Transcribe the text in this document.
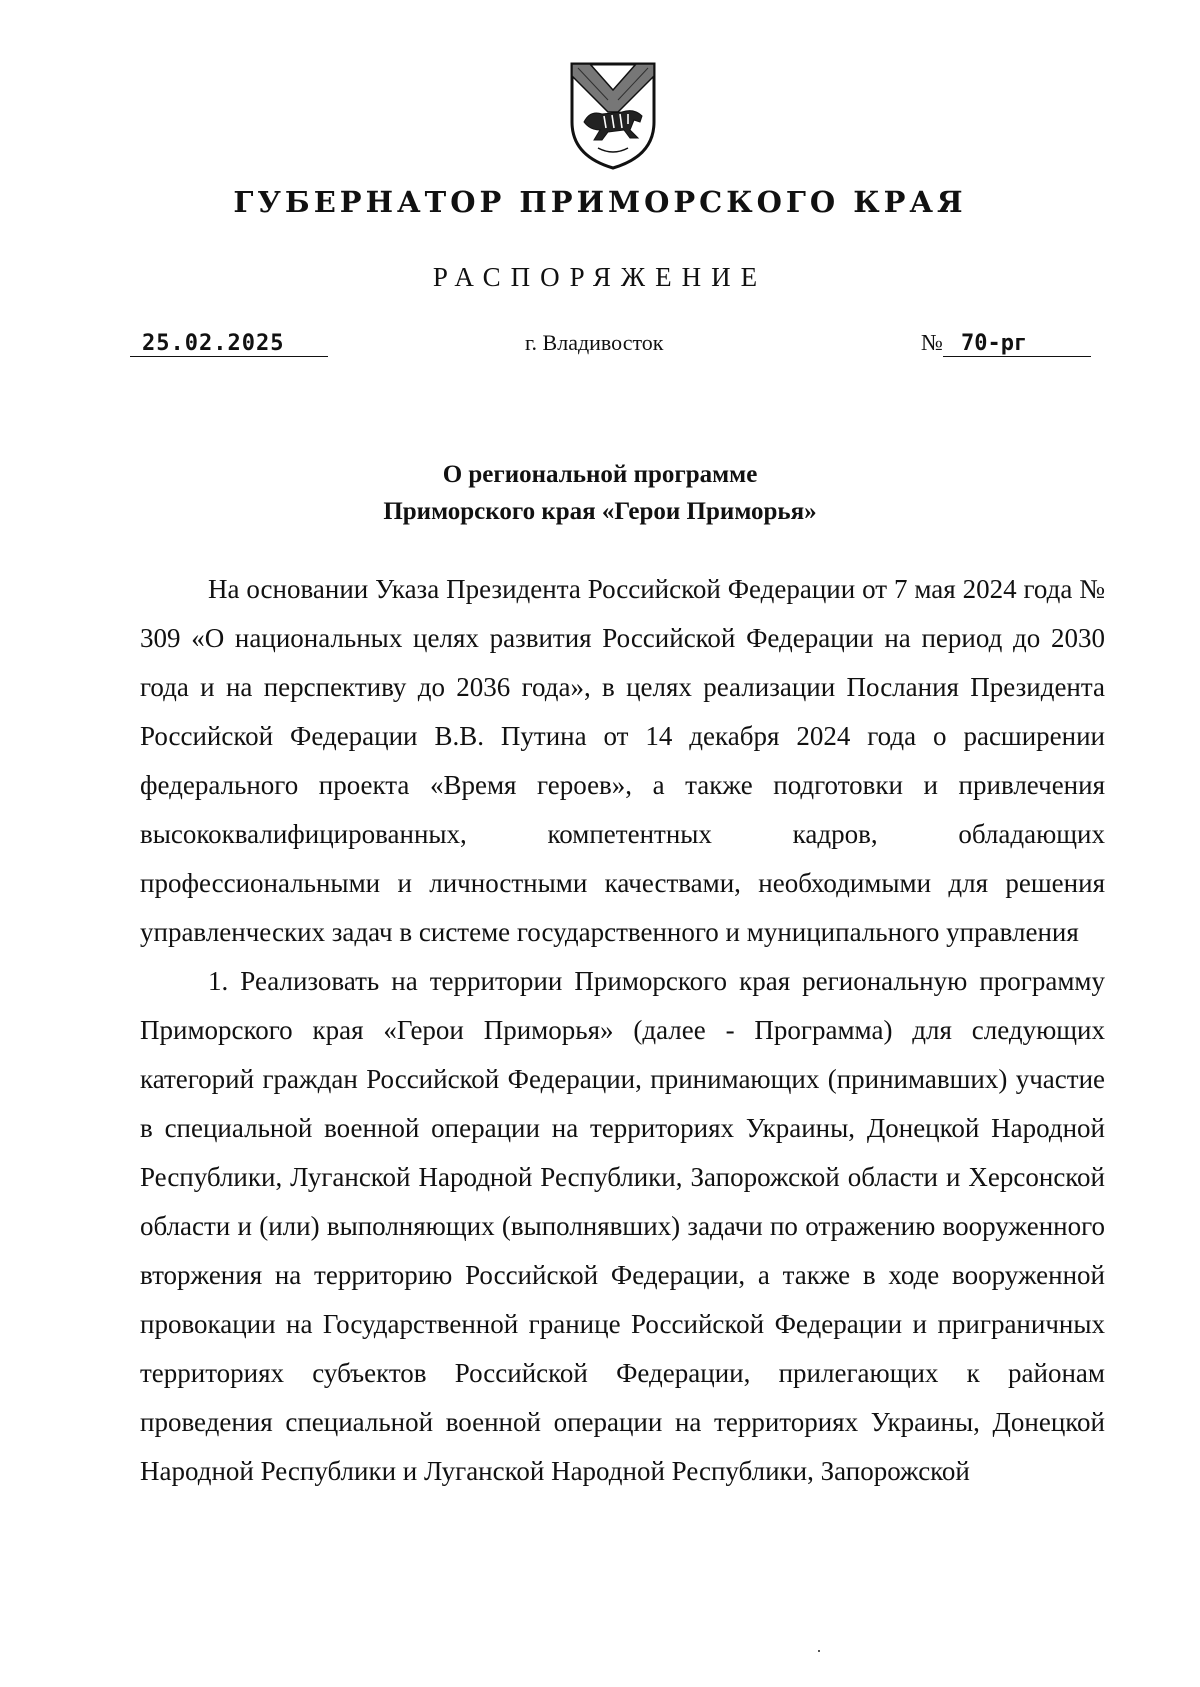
ГУБЕРНАТОР ПРИМОРСКОГО КРАЯ
РАСПОРЯЖЕНИЕ
25.02.2025	г. Владивосток	№ 70-рг
О региональной программе
Приморского края «Герои Приморья»

На основании Указа Президента Российской Федерации от 7 мая 2024 года № 309 «О национальных целях развития Российской Федерации на период до 2030 года и на перспективу до 2036 года», в целях реализации Послания Президента Российской Федерации В.В. Путина от 14 декабря 2024 года о расширении федерального проекта «Время героев», а также подготовки и привлечения высококвалифицированных, компетентных кадров, обладающих профессиональными и личностными качествами, необходимыми для решения управленческих задач в системе государственного и муниципального управления

1. Реализовать на территории Приморского края региональную программу Приморского края «Герои Приморья» (далее - Программа) для следующих категорий граждан Российской Федерации, принимающих (принимавших) участие в специальной военной операции на территориях Украины, Донецкой Народной Республики, Луганской Народной Республики, Запорожской области и Херсонской области и (или) выполняющих (выполнявших) задачи по отражению вооруженного вторжения на территорию Российской Федерации, а также в ходе вооруженной провокации на Государственной границе Российской Федерации и приграничных территориях субъектов Российской Федерации, прилегающих к районам проведения специальной военной операции на территориях Украины, Донецкой Народной Республики и Луганской Народной Республики, Запорожской
